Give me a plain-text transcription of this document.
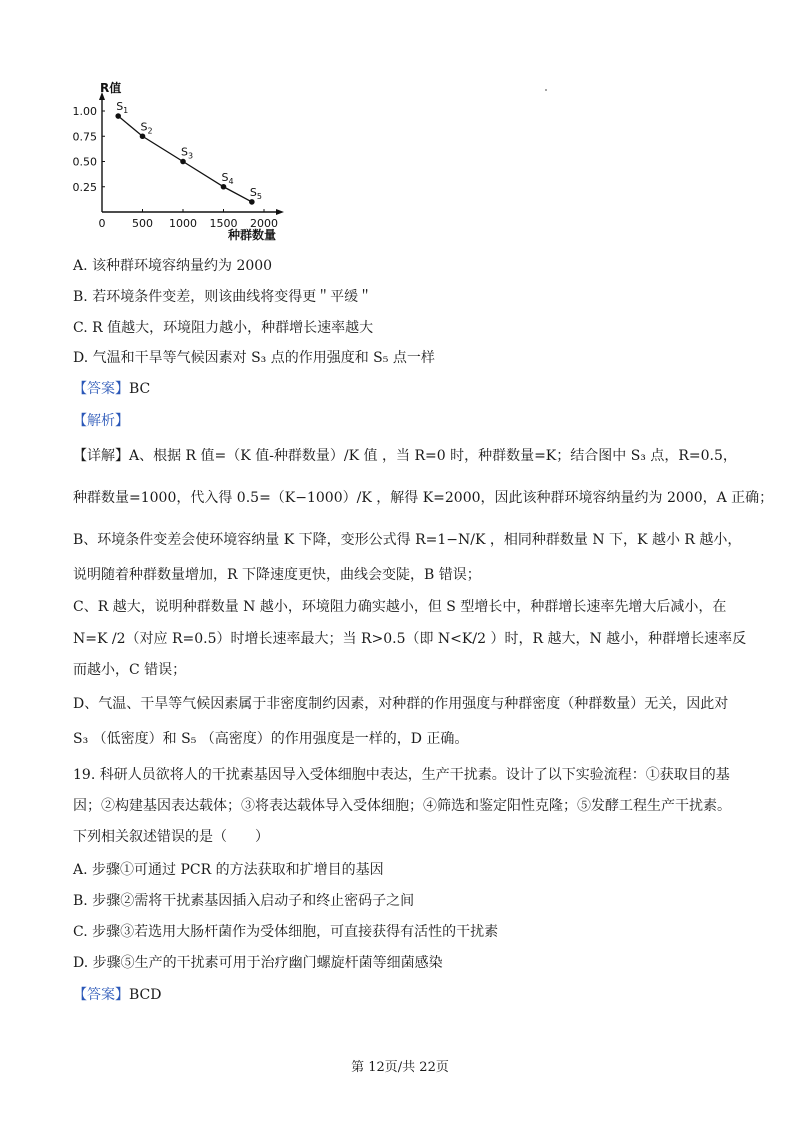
R值
种群数量
0 500 1000 1500 2000
1.00
0.75
0.50
0.25
$S_1$
$S_2$
$S_3$
$S_4$
$S_5$
A. 该种群环境容纳量约为 2000
B. 若环境条件变差，则该曲线将变得更＂平缓＂
C. R 值越大，环境阻力越小，种群增长速率越大
D. 气温和干旱等气候因素对 S₃ 点的作用强度和 S₅ 点一样
【答案】BC
【解析】
【详解】A、根据 R 值=（K 值-种群数量）/K 值 ，当 R=0 时，种群数量=K；结合图中 S₃ 点，R=0.5，
种群数量=1000，代入得 0.5=（K−1000）/K ，解得 K=2000，因此该种群环境容纳量约为 2000，A 正确；
B、环境条件变差会使环境容纳量 K 下降，变形公式得 R=1−N/K ，相同种群数量 N 下，K 越小 R 越小，
说明随着种群数量增加，R 下降速度更快，曲线会变陡，B 错误；
C、R 越大，说明种群数量 N 越小，环境阻力确实越小，但 S 型增长中，种群增长速率先增大后减小，在
N=K /2（对应 R=0.5）时增长速率最大；当 R>0.5（即 N<K/2 ）时，R 越大，N 越小，种群增长速率反
而越小，C 错误；
D、气温、干旱等气候因素属于非密度制约因素，对种群的作用强度与种群密度（种群数量）无关，因此对
S₃ （低密度）和 S₅ （高密度）的作用强度是一样的，D 正确。
19. 科研人员欲将人的干扰素基因导入受体细胞中表达，生产干扰素。设计了以下实验流程：①获取目的基
因；②构建基因表达载体；③将表达载体导入受体细胞；④筛选和鉴定阳性克隆；⑤发酵工程生产干扰素。
下列相关叙述错误的是（　　）
A. 步骤①可通过 PCR 的方法获取和扩增目的基因
B. 步骤②需将干扰素基因插入启动子和终止密码子之间
C. 步骤③若选用大肠杆菌作为受体细胞，可直接获得有活性的干扰素
D. 步骤⑤生产的干扰素可用于治疗幽门螺旋杆菌等细菌感染
【答案】BCD
第 12页/共 22页
